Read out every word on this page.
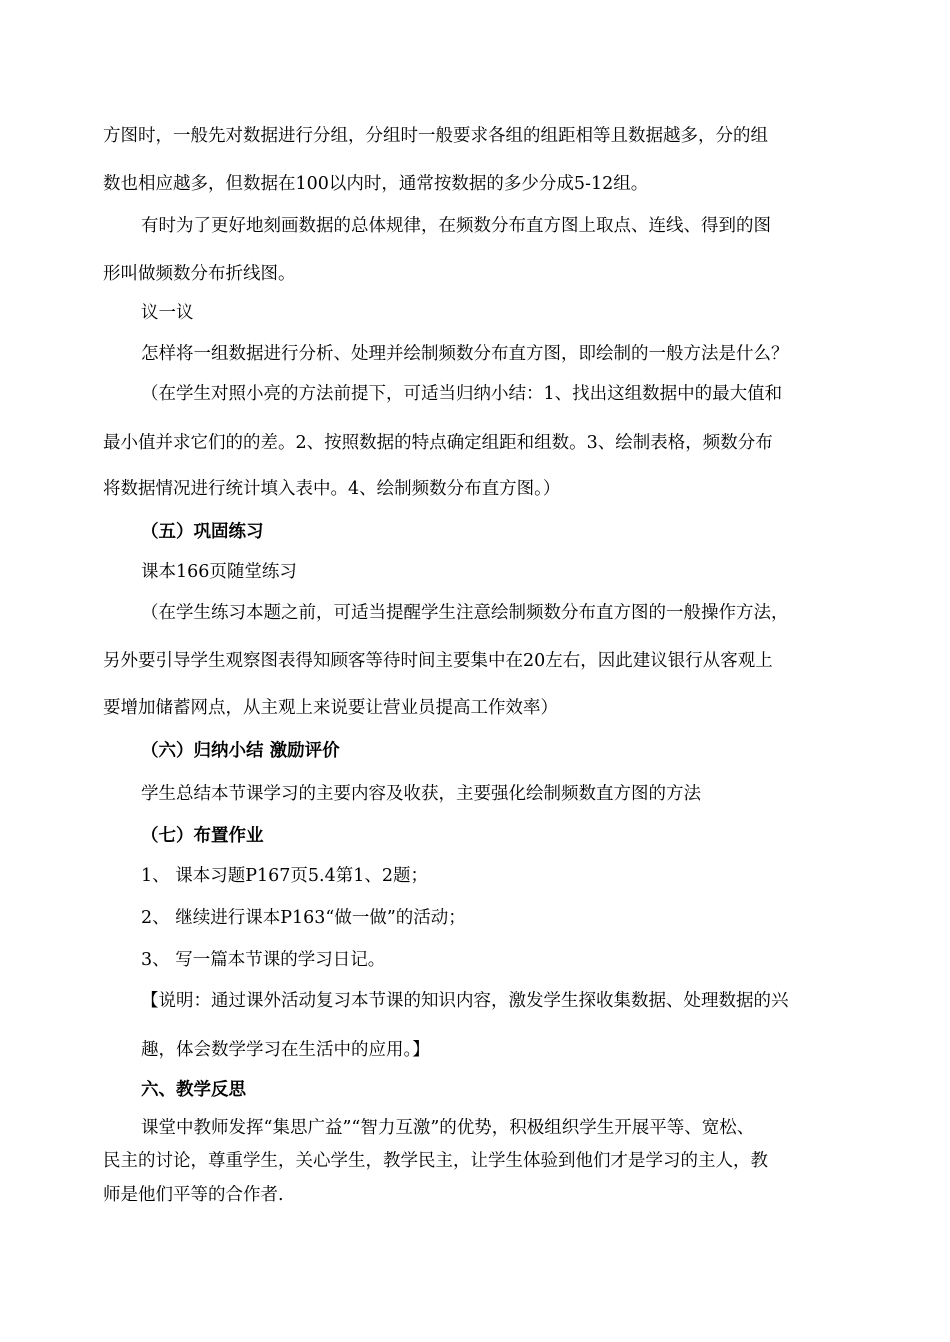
方图时，一般先对数据进行分组，分组时一般要求各组的组距相等且数据越多，分的组
数也相应越多，但数据在100以内时，通常按数据的多少分成5-12组。
有时为了更好地刻画数据的总体规律，在频数分布直方图上取点、连线、得到的图
形叫做频数分布折线图。
议一议
怎样将一组数据进行分析、处理并绘制频数分布直方图，即绘制的一般方法是什么？
（在学生对照小亮的方法前提下，可适当归纳小结：1、找出这组数据中的最大值和
最小值并求它们的的差。2、按照数据的特点确定组距和组数。3、绘制表格，频数分布
将数据情况进行统计填入表中。4、绘制频数分布直方图。）
（五）巩固练习
课本166页随堂练习
（在学生练习本题之前，可适当提醒学生注意绘制频数分布直方图的一般操作方法，
另外要引导学生观察图表得知顾客等待时间主要集中在20左右，因此建议银行从客观上
要增加储蓄网点，从主观上来说要让营业员提高工作效率）
（六）归纳小结 激励评价
学生总结本节课学习的主要内容及收获，主要强化绘制频数直方图的方法
（七）布置作业
1、 课本习题P167页5.4第1、2题；
2、 继续进行课本P163“做一做”的活动；
3、 写一篇本节课的学习日记。
【说明：通过课外活动复习本节课的知识内容，激发学生探收集数据、处理数据的兴
趣，体会数学学习在生活中的应用。】
六、教学反思
课堂中教师发挥“集思广益”“智力互激”的优势，积极组织学生开展平等、宽松、
民主的讨论，尊重学生，关心学生，教学民主，让学生体验到他们才是学习的主人，教
师是他们平等的合作者.
